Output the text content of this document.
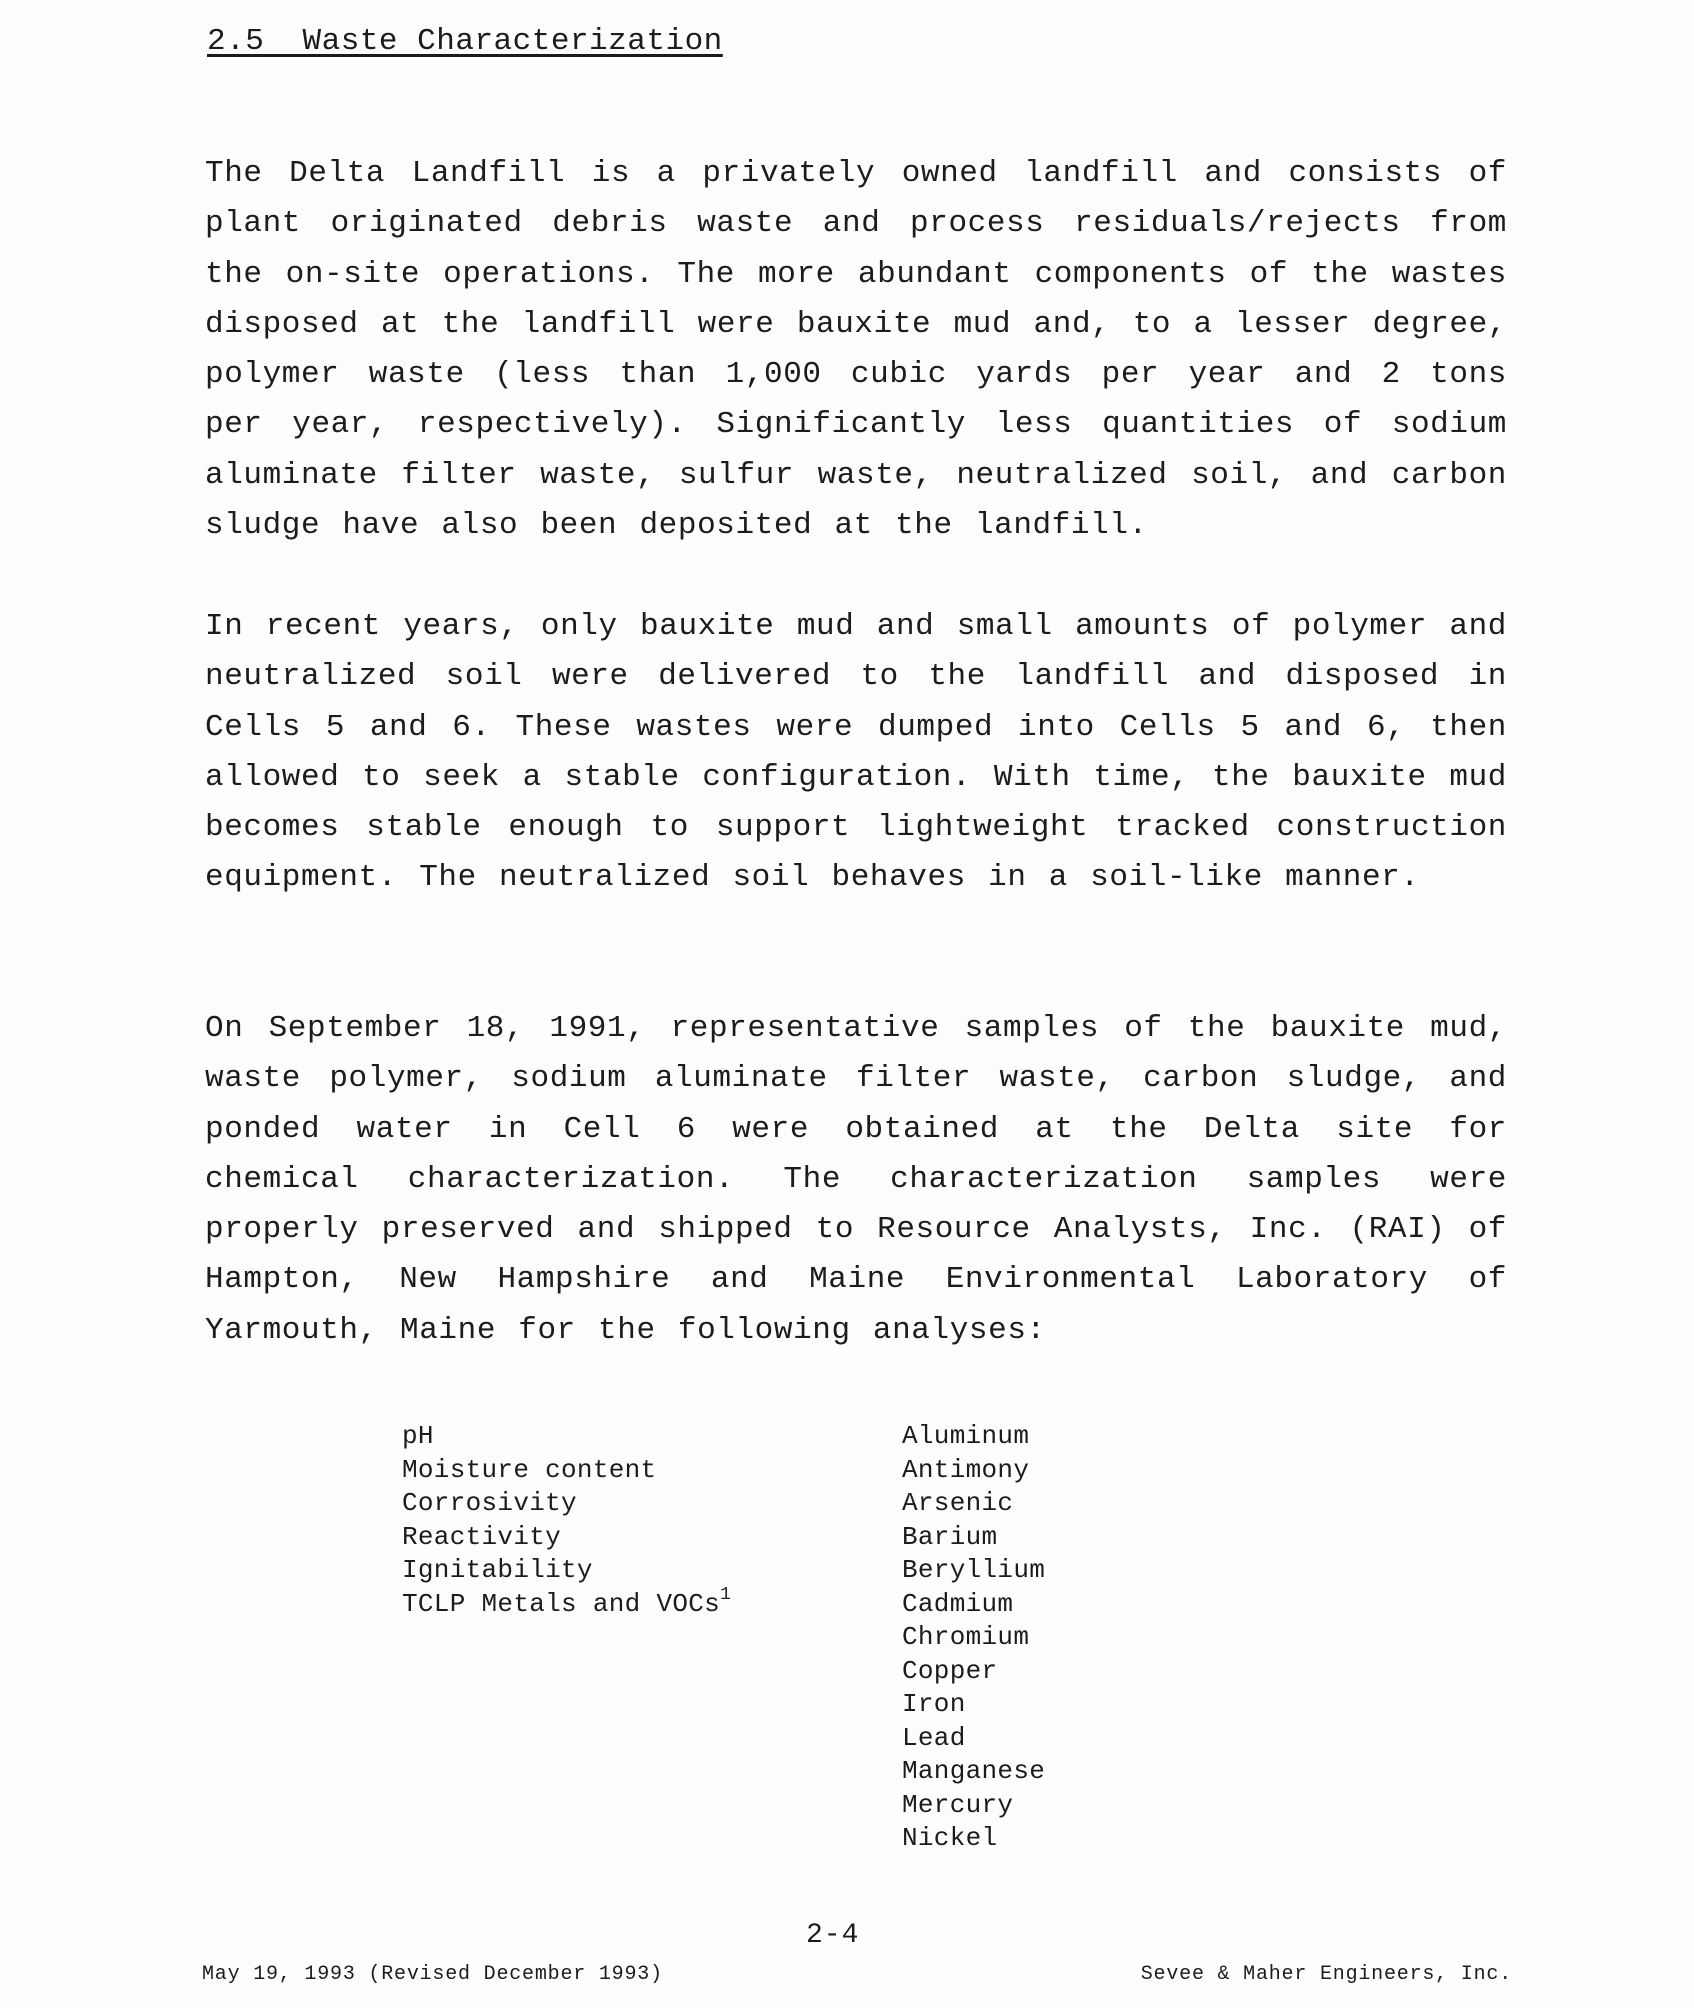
2.5  Waste Characterization

The Delta Landfill is a privately owned landfill and consists of plant originated debris waste and process residuals/rejects from the on-site operations. The more abundant components of the wastes disposed at the landfill were bauxite mud and, to a lesser degree, polymer waste (less than 1,000 cubic yards per year and 2 tons per year, respectively). Significantly less quantities of sodium aluminate filter waste, sulfur waste, neutralized soil, and carbon sludge have also been deposited at the landfill.

In recent years, only bauxite mud and small amounts of polymer and neutralized soil were delivered to the landfill and disposed in Cells 5 and 6. These wastes were dumped into Cells 5 and 6, then allowed to seek a stable configuration. With time, the bauxite mud becomes stable enough to support lightweight tracked construction equipment. The neutralized soil behaves in a soil-like manner.

On September 18, 1991, representative samples of the bauxite mud, waste polymer, sodium aluminate filter waste, carbon sludge, and ponded water in Cell 6 were obtained at the Delta site for chemical characterization. The characterization samples were properly preserved and shipped to Resource Analysts, Inc. (RAI) of Hampton, New Hampshire and Maine Environmental Laboratory of Yarmouth, Maine for the following analyses:

pH
Moisture content
Corrosivity
Reactivity
Ignitability
TCLP Metals and VOCs$^1$
Aluminum
Antimony
Arsenic
Barium
Beryllium
Cadmium
Chromium
Copper
Iron
Lead
Manganese
Mercury
Nickel
2-4
May 19, 1993 (Revised December 1993)	Sevee & Maher Engineers, Inc.
